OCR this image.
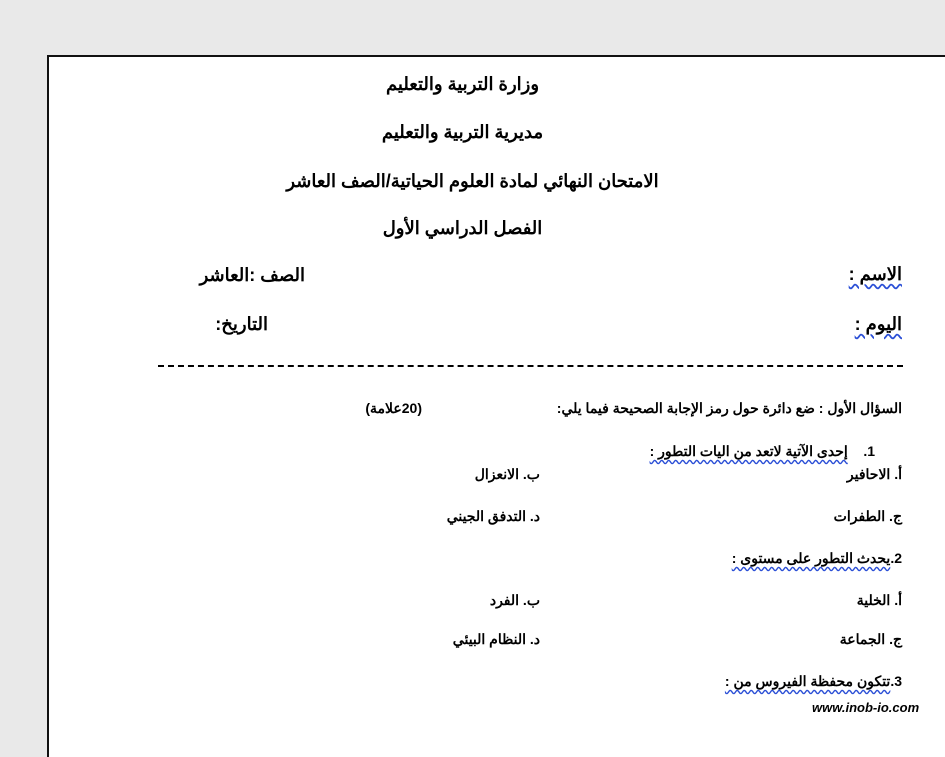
وزارة التربية والتعليم
مديرية التربية والتعليم
الامتحان النهائي لمادة العلوم الحياتية/الصف العاشر
الفصل الدراسي الأول
الاسم :
الصف :العاشر
اليوم :
التاريخ:
السؤال الأول : ضع دائرة حول رمز الإجابة الصحيحة فيما يلي:
(20علامة)
1.    إحدى الآتية لاتعد من اليات التطور :
أ. الاحافير
ب. الانعزال
ج. الطفرات
د. التدفق الجيني
2.يحدث التطور على مستوى :
أ. الخلية
ب. الفرد
ج. الجماعة
د. النظام البيئي
3.تتكون محفظة الفيروس من :
www.inob-io.com
